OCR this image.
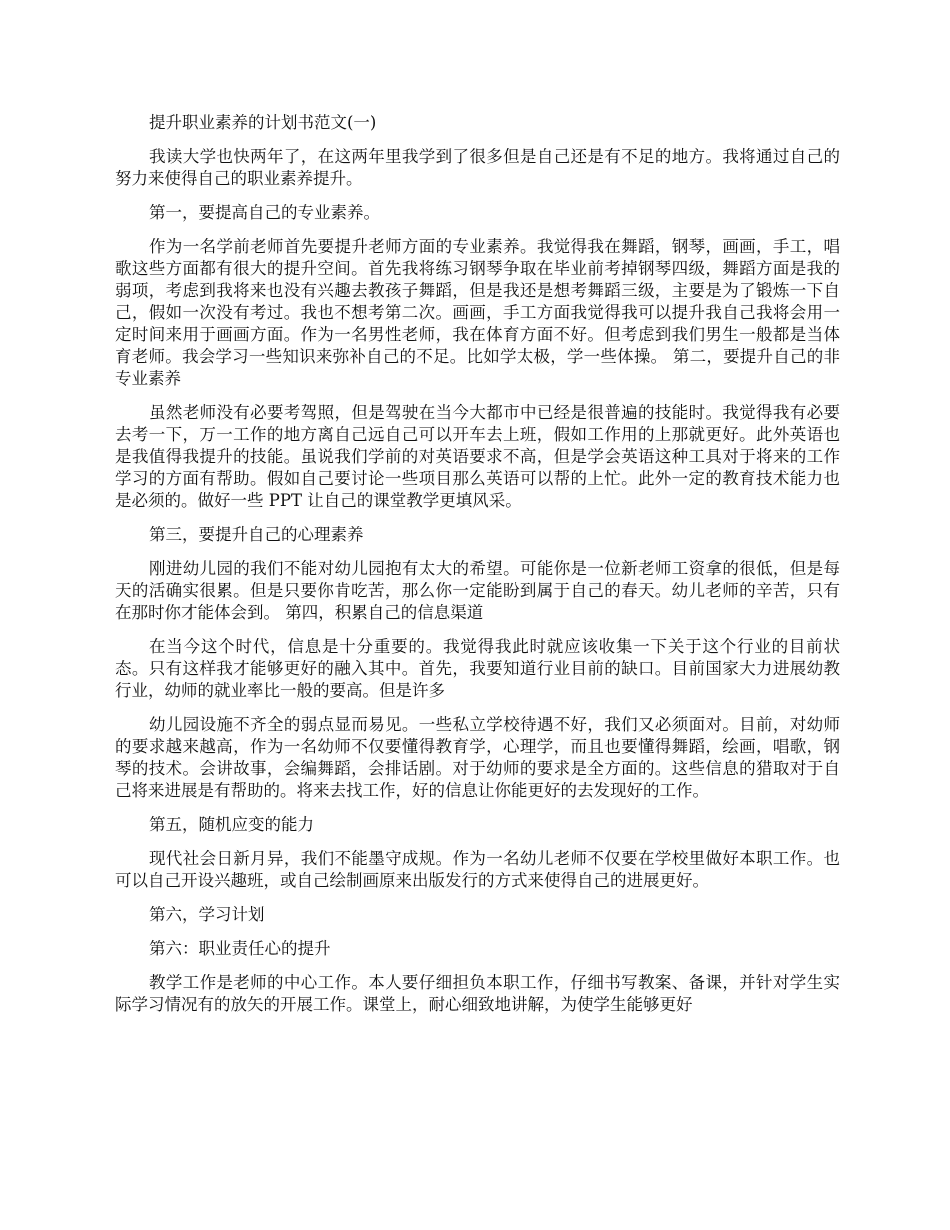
提升职业素养的计划书范文(一)

我读大学也快两年了，在这两年里我学到了很多但是自己还是有不足的地方。我将通过自己的努力来使得自己的职业素养提升。

第一，要提高自己的专业素养。

作为一名学前老师首先要提升老师方面的专业素养。我觉得我在舞蹈，钢琴，画画，手工，唱歌这些方面都有很大的提升空间。首先我将练习钢琴争取在毕业前考掉钢琴四级，舞蹈方面是我的弱项，考虑到我将来也没有兴趣去教孩子舞蹈，但是我还是想考舞蹈三级，主要是为了锻炼一下自己，假如一次没有考过。我也不想考第二次。画画，手工方面我觉得我可以提升我自己我将会用一定时间来用于画画方面。作为一名男性老师，我在体育方面不好。但考虑到我们男生一般都是当体育老师。我会学习一些知识来弥补自己的不足。比如学太极，学一些体操。 第二，要提升自己的非专业素养

虽然老师没有必要考驾照，但是驾驶在当今大都市中已经是很普遍的技能时。我觉得我有必要去考一下，万一工作的地方离自己远自己可以开车去上班，假如工作用的上那就更好。此外英语也是我值得我提升的技能。虽说我们学前的对英语要求不高，但是学会英语这种工具对于将来的工作学习的方面有帮助。假如自己要讨论一些项目那么英语可以帮的上忙。此外一定的教育技术能力也是必须的。做好一些 PPT 让自己的课堂教学更填风采。

第三，要提升自己的心理素养

刚进幼儿园的我们不能对幼儿园抱有太大的希望。可能你是一位新老师工资拿的很低，但是每天的活确实很累。但是只要你肯吃苦，那么你一定能盼到属于自己的春天。幼儿老师的辛苦，只有在那时你才能体会到。 第四，积累自己的信息渠道

在当今这个时代，信息是十分重要的。我觉得我此时就应该收集一下关于这个行业的目前状态。只有这样我才能够更好的融入其中。首先，我要知道行业目前的缺口。目前国家大力进展幼教行业，幼师的就业率比一般的要高。但是许多

幼儿园设施不齐全的弱点显而易见。一些私立学校待遇不好，我们又必须面对。目前，对幼师的要求越来越高，作为一名幼师不仅要懂得教育学，心理学，而且也要懂得舞蹈，绘画，唱歌，钢琴的技术。会讲故事，会编舞蹈，会排话剧。对于幼师的要求是全方面的。这些信息的猎取对于自己将来进展是有帮助的。将来去找工作，好的信息让你能更好的去发现好的工作。

第五，随机应变的能力

现代社会日新月异，我们不能墨守成规。作为一名幼儿老师不仅要在学校里做好本职工作。也可以自己开设兴趣班，或自己绘制画原来出版发行的方式来使得自己的进展更好。

第六，学习计划

第六：职业责任心的提升

教学工作是老师的中心工作。本人要仔细担负本职工作，仔细书写教案、备课，并针对学生实际学习情况有的放矢的开展工作。课堂上，耐心细致地讲解，为使学生能够更好
